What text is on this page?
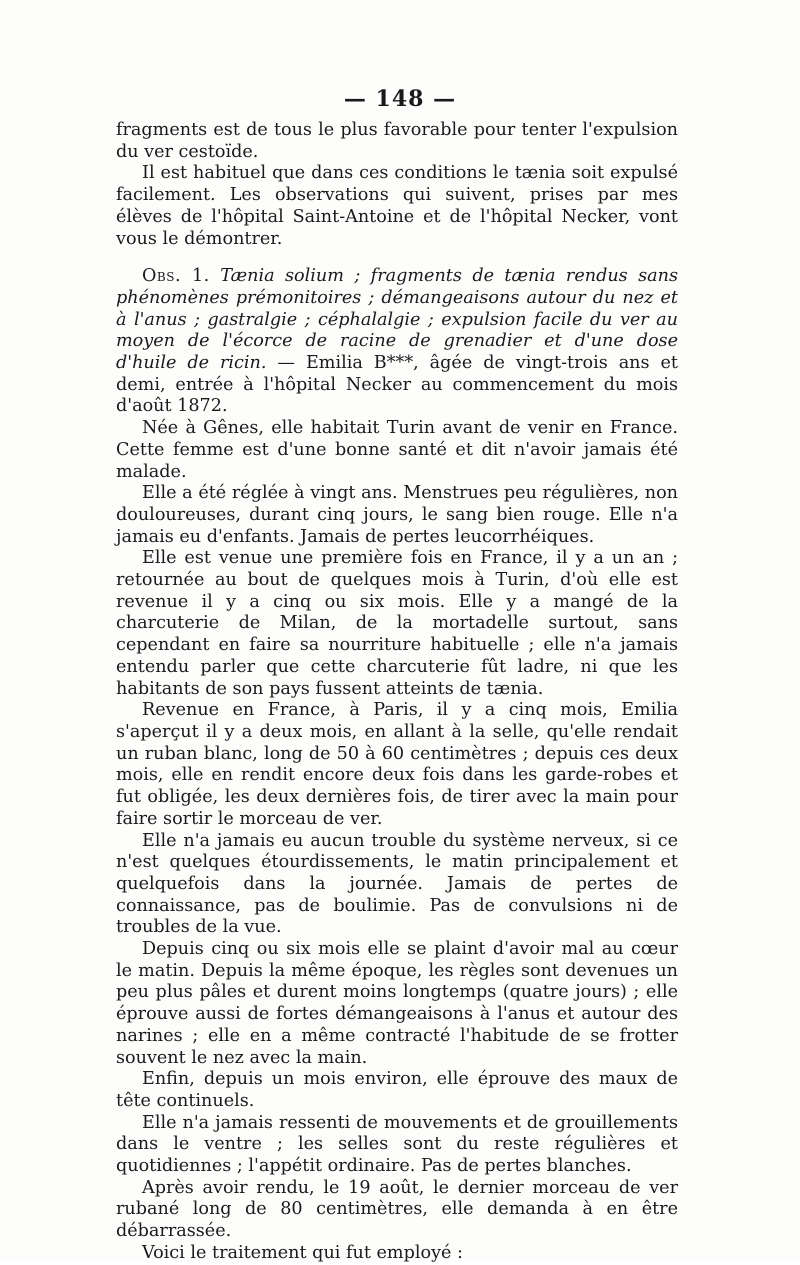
— 148 —

fragments est de tous le plus favorable pour tenter l'expulsion du ver cestoïde.

Il est habituel que dans ces conditions le tænia soit expulsé facilement. Les observations qui suivent, prises par mes élèves de l'hôpital Saint-Antoine et de l'hôpital Necker, vont vous le démontrer.

Obs. 1. Tænia solium ; fragments de tænia rendus sans phénomènes prémonitoires ; démangeaisons autour du nez et à l'anus ; gastralgie ; céphalalgie ; expulsion facile du ver au moyen de l'écorce de racine de grenadier et d'une dose d'huile de ricin. — Emilia B***, âgée de vingt-trois ans et demi, entrée à l'hôpital Necker au commencement du mois d'août 1872.

Née à Gênes, elle habitait Turin avant de venir en France. Cette femme est d'une bonne santé et dit n'avoir jamais été malade.

Elle a été réglée à vingt ans. Menstrues peu régulières, non douloureuses, durant cinq jours, le sang bien rouge. Elle n'a jamais eu d'enfants. Jamais de pertes leucorrhéiques.

Elle est venue une première fois en France, il y a un an ; retournée au bout de quelques mois à Turin, d'où elle est revenue il y a cinq ou six mois. Elle y a mangé de la charcuterie de Milan, de la mortadelle surtout, sans cependant en faire sa nourriture habituelle ; elle n'a jamais entendu parler que cette charcuterie fût ladre, ni que les habitants de son pays fussent atteints de tænia.

Revenue en France, à Paris, il y a cinq mois, Emilia s'aperçut il y a deux mois, en allant à la selle, qu'elle rendait un ruban blanc, long de 50 à 60 centimètres ; depuis ces deux mois, elle en rendit encore deux fois dans les garde-robes et fut obligée, les deux dernières fois, de tirer avec la main pour faire sortir le morceau de ver.

Elle n'a jamais eu aucun trouble du système nerveux, si ce n'est quelques étourdissements, le matin principalement et quelquefois dans la journée. Jamais de pertes de connaissance, pas de boulimie. Pas de convulsions ni de troubles de la vue.

Depuis cinq ou six mois elle se plaint d'avoir mal au cœur le matin. Depuis la même époque, les règles sont devenues un peu plus pâles et durent moins longtemps (quatre jours) ; elle éprouve aussi de fortes démangeaisons à l'anus et autour des narines ; elle en a même contracté l'habitude de se frotter souvent le nez avec la main.

Enfin, depuis un mois environ, elle éprouve des maux de tête continuels.

Elle n'a jamais ressenti de mouvements et de grouillements dans le ventre ; les selles sont du reste régulières et quotidiennes ; l'appétit ordinaire. Pas de pertes blanches.

Après avoir rendu, le 19 août, le dernier morceau de ver rubané long de 80 centimètres, elle demanda à en être débarrassée.

Voici le traitement qui fut employé :
